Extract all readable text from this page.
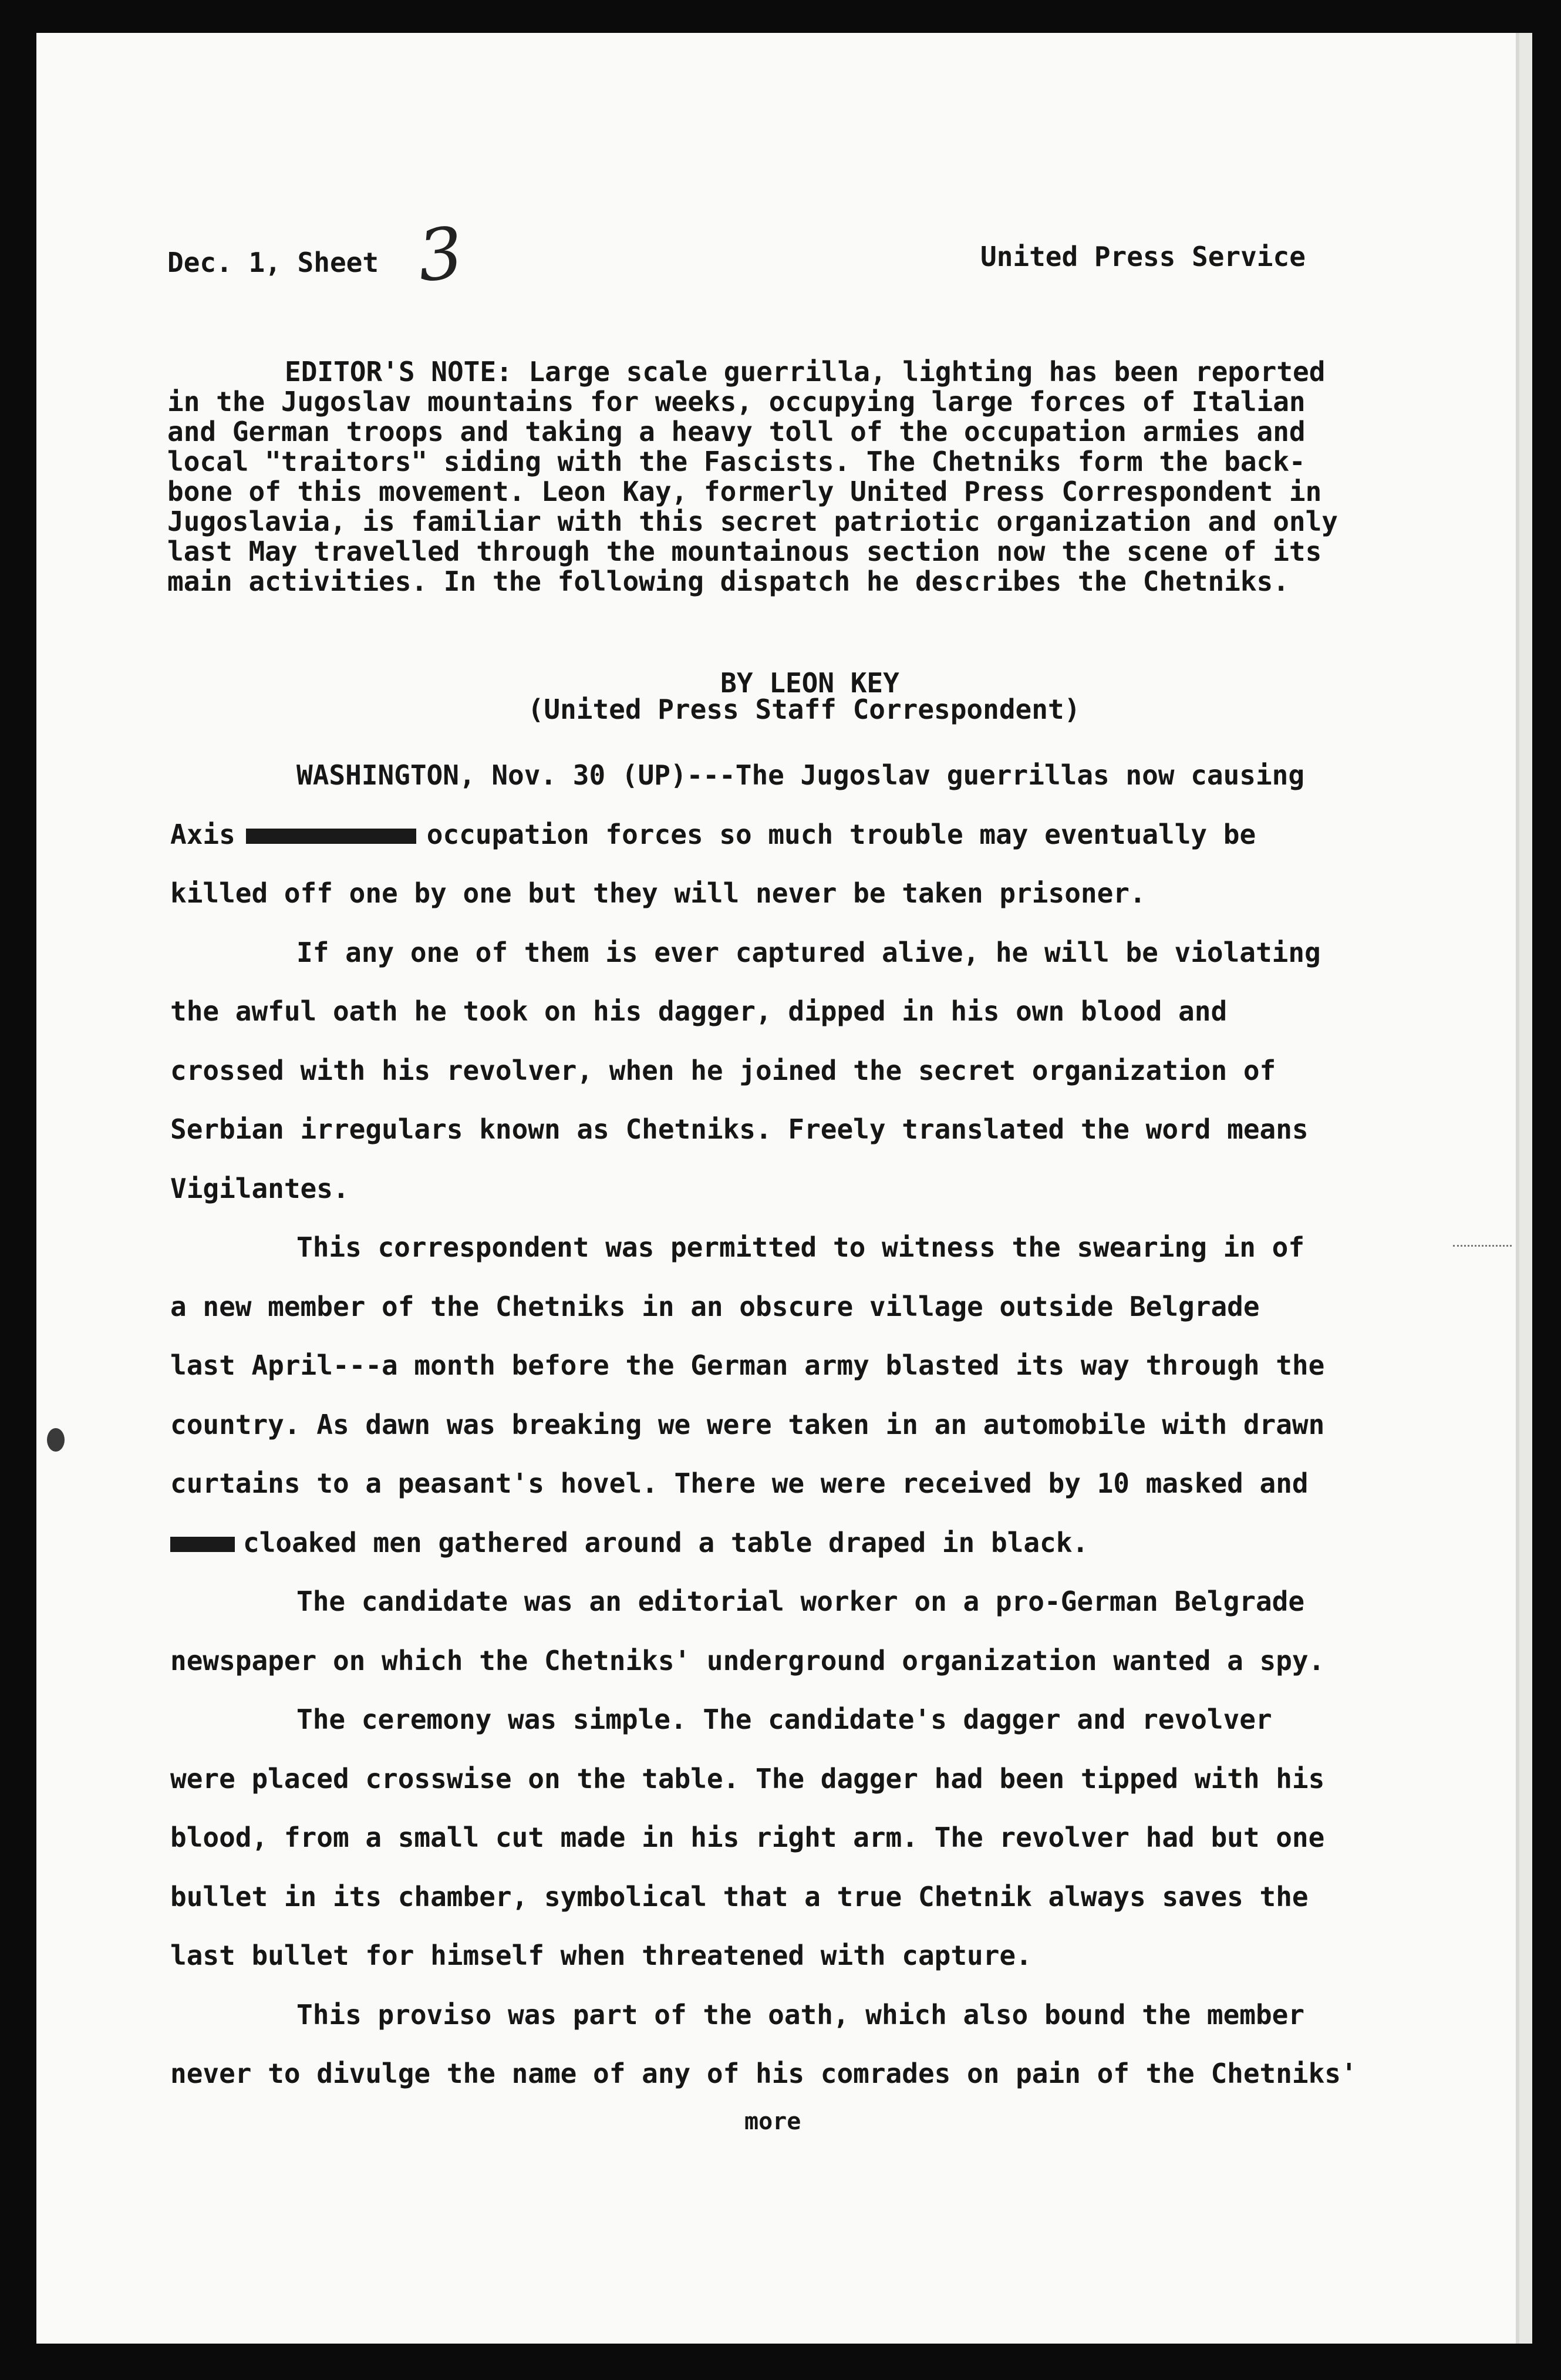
Dec. 1, Sheet 3	United Press Service

EDITOR'S NOTE: Large scale guerrilla, lighting has been reported
in the Jugoslav mountains for weeks, occupying large forces of Italian
and German troops and taking a heavy toll of the occupation armies and
local "traitors" siding with the Fascists. The Chetniks form the back-
bone of this movement. Leon Kay, formerly United Press Correspondent in
Jugoslavia, is familiar with this secret patriotic organization and only
last May travelled through the mountainous section now the scene of its
main activities. In the following dispatch he describes the Chetniks.

BY LEON KEY

(United Press Staff Correspondent)

WASHINGTON, Nov. 30 (UP)---The Jugoslav guerrillas now causing
Axis	occupation forces so much trouble may eventually be
killed off one by one but they will never be taken prisoner.
If any one of them is ever captured alive, he will be violating
the awful oath he took on his dagger, dipped in his own blood and
crossed with his revolver, when he joined the secret organization of
Serbian irregulars known as Chetniks. Freely translated the word means
Vigilantes.
This correspondent was permitted to witness the swearing in of
a new member of the Chetniks in an obscure village outside Belgrade
last April---a month before the German army blasted its way through the
country. As dawn was breaking we were taken in an automobile with drawn
curtains to a peasant's hovel. There we were received by 10 masked and
cloaked men gathered around a table draped in black.
The candidate was an editorial worker on a pro-German Belgrade
newspaper on which the Chetniks' underground organization wanted a spy.
The ceremony was simple. The candidate's dagger and revolver
were placed crosswise on the table. The dagger had been tipped with his
blood, from a small cut made in his right arm. The revolver had but one
bullet in its chamber, symbolical that a true Chetnik always saves the
last bullet for himself when threatened with capture.
This proviso was part of the oath, which also bound the member
never to divulge the name of any of his comrades on pain of the Chetniks'

more
